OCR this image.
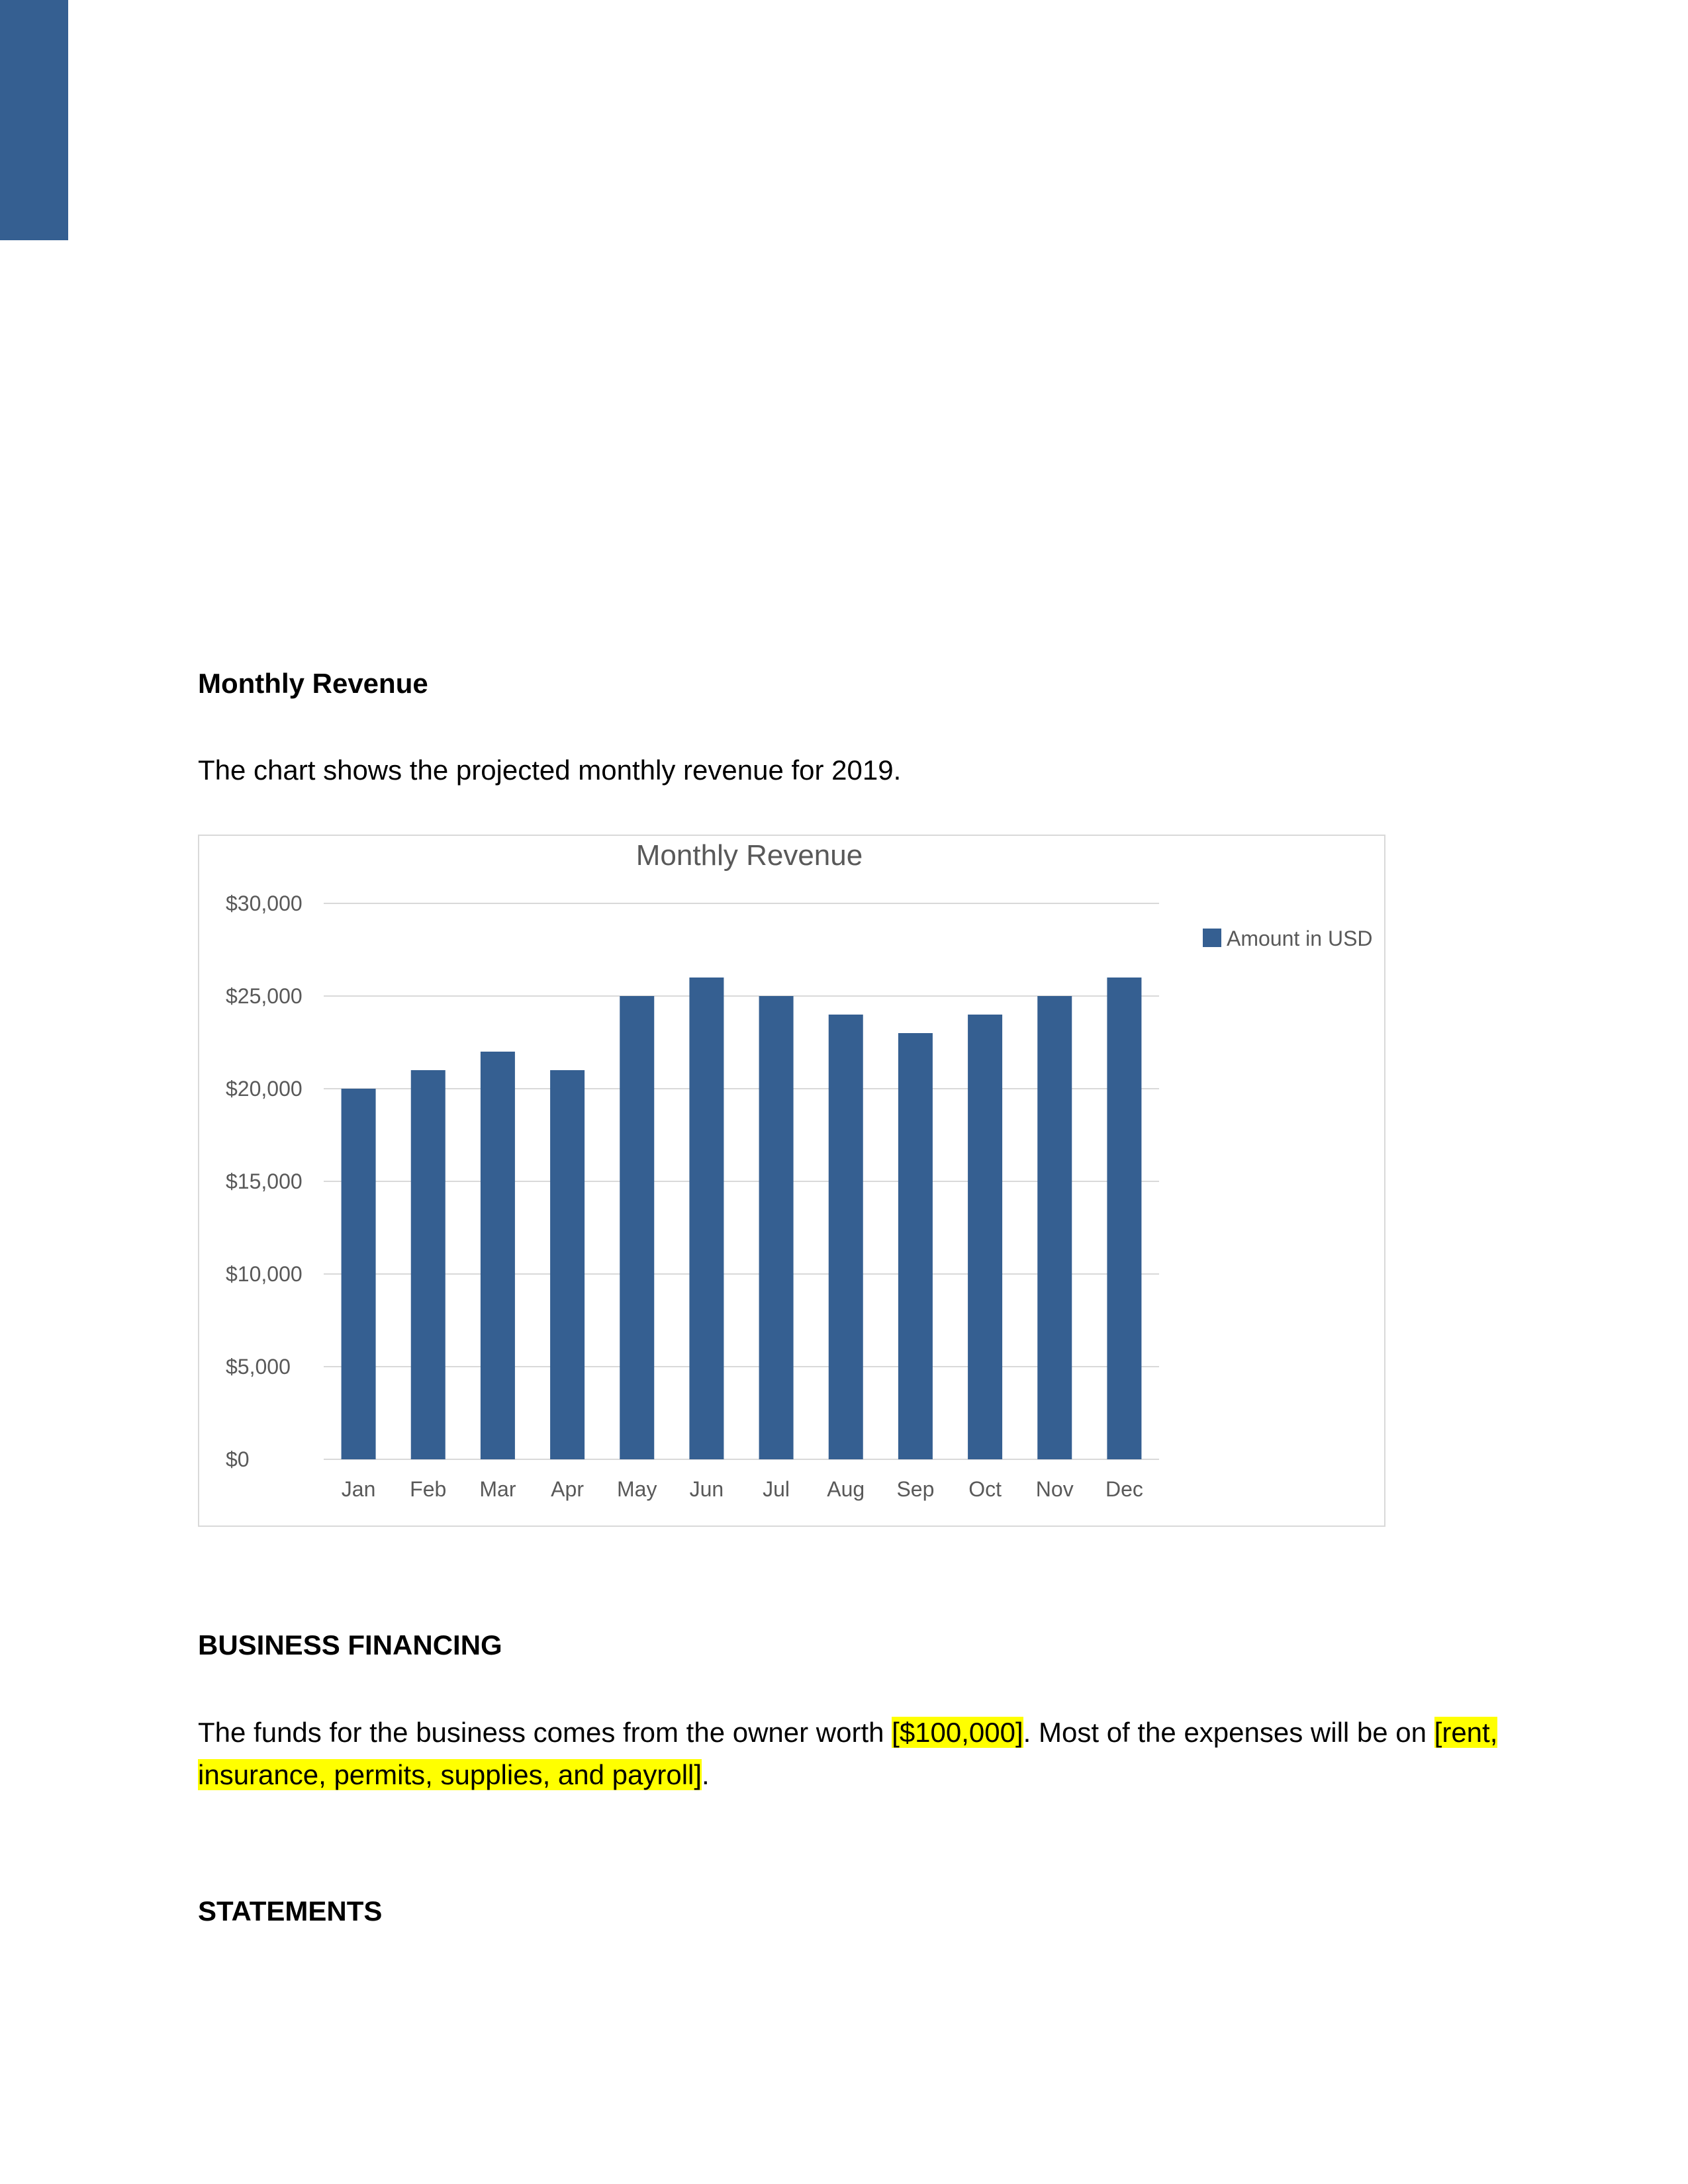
Monthly Revenue

The chart shows the projected monthly revenue for 2019.

Monthly Revenue
$0
$5,000
$10,000
$15,000
$20,000
$25,000
$30,000
Jan Feb Mar Apr May Jun Jul Aug Sep Oct Nov Dec
Amount in USD
BUSINESS FINANCING

The funds for the business comes from the owner worth [$100,000]. Most of the expenses will be on [rent,

insurance, permits, supplies, and payroll].

STATEMENTS
